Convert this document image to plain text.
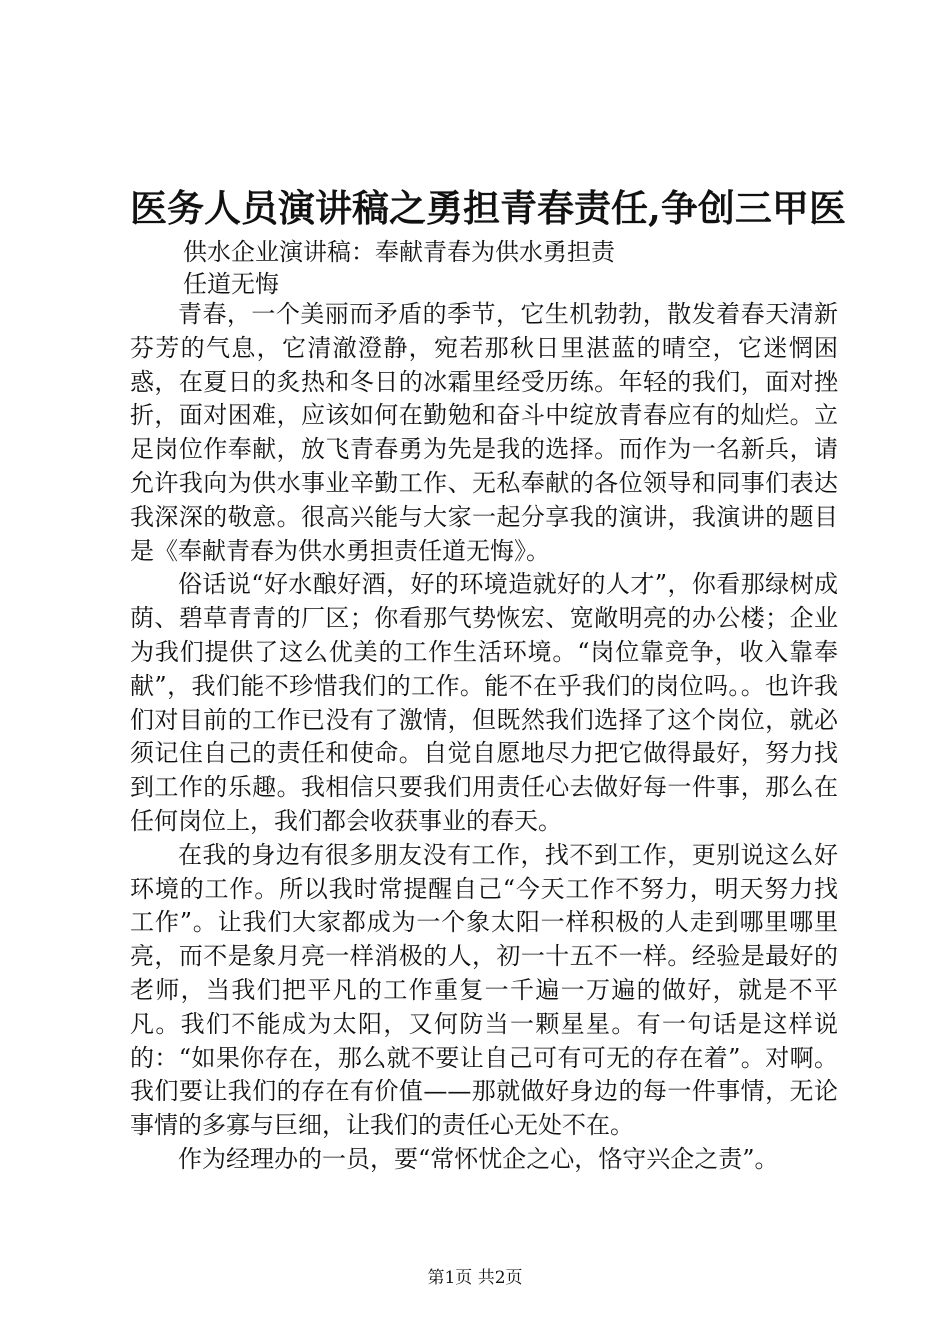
医务人员演讲稿之勇担青春责任,争创三甲医
供水企业演讲稿：奉献青春为供水勇担责
任道无悔

青春，一个美丽而矛盾的季节，它生机勃勃，散发着春天清新芬芳的气息，它清澈澄静，宛若那秋日里湛蓝的晴空，它迷惘困惑，在夏日的炙热和冬日的冰霜里经受历练。年轻的我们，面对挫折，面对困难，应该如何在勤勉和奋斗中绽放青春应有的灿烂。立足岗位作奉献，放飞青春勇为先是我的选择。而作为一名新兵，请允许我向为供水事业辛勤工作、无私奉献的各位领导和同事们表达我深深的敬意。很高兴能与大家一起分享我的演讲，我演讲的题目是《奉献青春为供水勇担责任道无悔》。

俗话说“好水酿好酒，好的环境造就好的人才”，你看那绿树成荫、碧草青青的厂区；你看那气势恢宏、宽敞明亮的办公楼；企业为我们提供了这么优美的工作生活环境。“岗位靠竞争，收入靠奉献”，我们能不珍惜我们的工作。能不在乎我们的岗位吗。。也许我们对目前的工作已没有了激情，但既然我们选择了这个岗位，就必须记住自己的责任和使命。自觉自愿地尽力把它做得最好，努力找到工作的乐趣。我相信只要我们用责任心去做好每一件事，那么在任何岗位上，我们都会收获事业的春天。

在我的身边有很多朋友没有工作，找不到工作，更别说这么好环境的工作。所以我时常提醒自己“今天工作不努力，明天努力找工作”。让我们大家都成为一个象太阳一样积极的人走到哪里哪里亮，而不是象月亮一样消极的人，初一十五不一样。经验是最好的老师，当我们把平凡的工作重复一千遍一万遍的做好，就是不平凡。我们不能成为太阳，又何防当一颗星星。有一句话是这样说的：“如果你存在，那么就不要让自己可有可无的存在着”。对啊。我们要让我们的存在有价值——那就做好身边的每一件事情，无论事情的多寡与巨细，让我们的责任心无处不在。

作为经理办的一员，要“常怀忧企之心，恪守兴企之责”。

第1页 共2页
